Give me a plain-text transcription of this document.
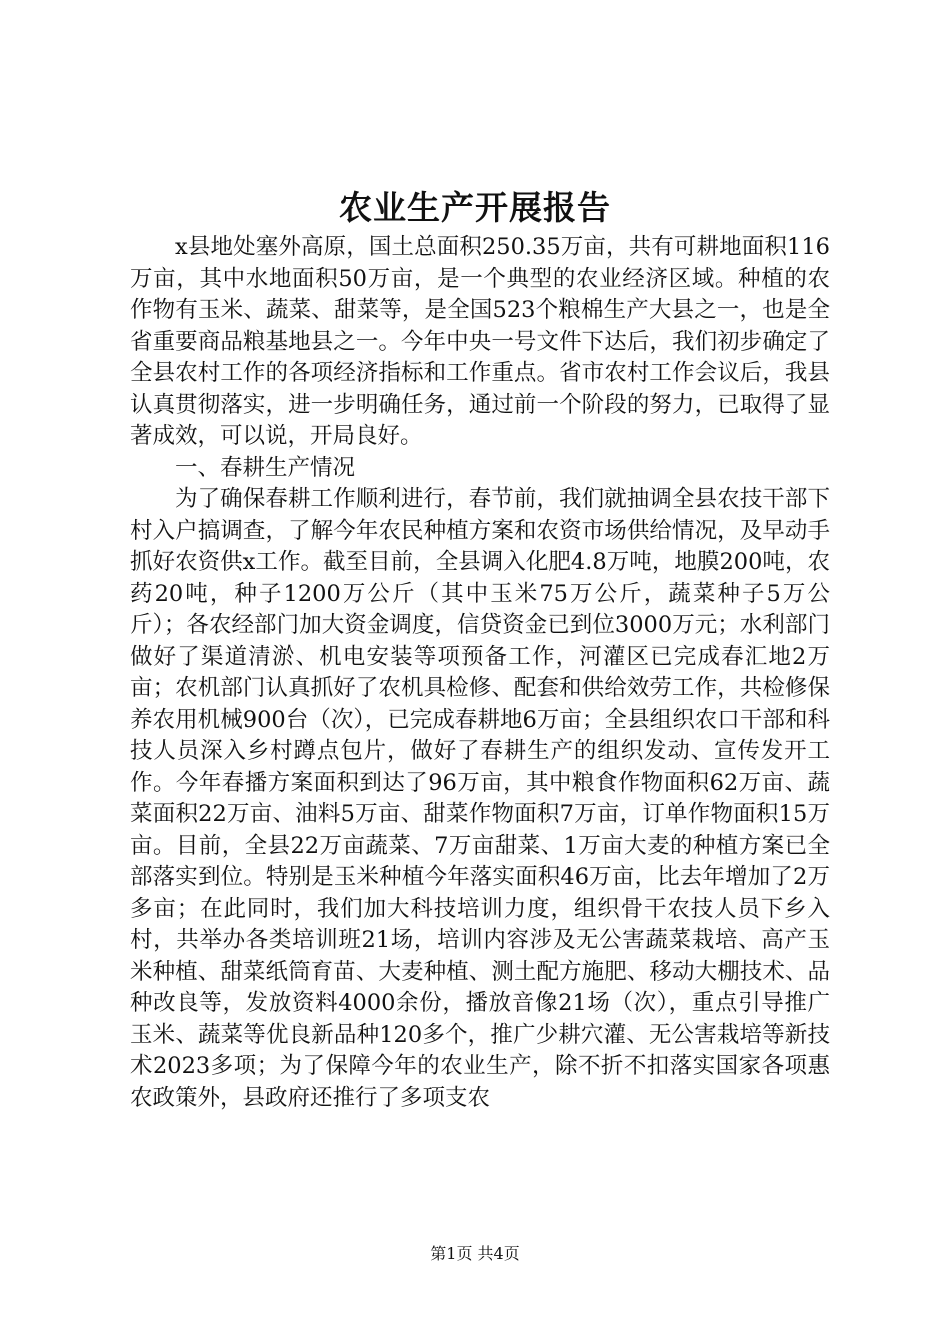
农业生产开展报告

x县地处塞外高原，国土总面积250.35万亩，共有可耕地面积116万亩，其中水地面积50万亩，是一个典型的农业经济区域。种植的农作物有玉米、蔬菜、甜菜等，是全国523个粮棉生产大县之一，也是全省重要商品粮基地县之一。今年中央一号文件下达后，我们初步确定了全县农村工作的各项经济指标和工作重点。省市农村工作会议后，我县认真贯彻落实，进一步明确任务，通过前一个阶段的努力，已取得了显著成效，可以说，开局良好。

一、春耕生产情况

为了确保春耕工作顺利进行，春节前，我们就抽调全县农技干部下村入户搞调查，了解今年农民种植方案和农资市场供给情况，及早动手抓好农资供x工作。截至目前，全县调入化肥4.8万吨，地膜200吨，农药20吨，种子1200万公斤（其中玉米75万公斤，蔬菜种子5万公斤）；各农经部门加大资金调度，信贷资金已到位3000万元；水利部门做好了渠道清淤、机电安装等项预备工作，河灌区已完成春汇地2万亩；农机部门认真抓好了农机具检修、配套和供给效劳工作，共检修保养农用机械900台（次），已完成春耕地6万亩；全县组织农口干部和科技人员深入乡村蹲点包片，做好了春耕生产的组织发动、宣传发开工作。今年春播方案面积到达了96万亩，其中粮食作物面积62万亩、蔬菜面积22万亩、油料5万亩、甜菜作物面积7万亩，订单作物面积15万亩。目前，全县22万亩蔬菜、7万亩甜菜、1万亩大麦的种植方案已全部落实到位。特别是玉米种植今年落实面积46万亩，比去年增加了2万多亩；在此同时，我们加大科技培训力度，组织骨干农技人员下乡入村，共举办各类培训班21场，培训内容涉及无公害蔬菜栽培、高产玉米种植、甜菜纸筒育苗、大麦种植、测土配方施肥、移动大棚技术、品种改良等，发放资料4000余份，播放音像21场（次），重点引导推广玉米、蔬菜等优良新品种120多个，推广少耕穴灌、无公害栽培等新技术2023多项；为了保障今年的农业生产，除不折不扣落实国家各项惠农政策外，县政府还推行了多项支农

第1页 共4页
